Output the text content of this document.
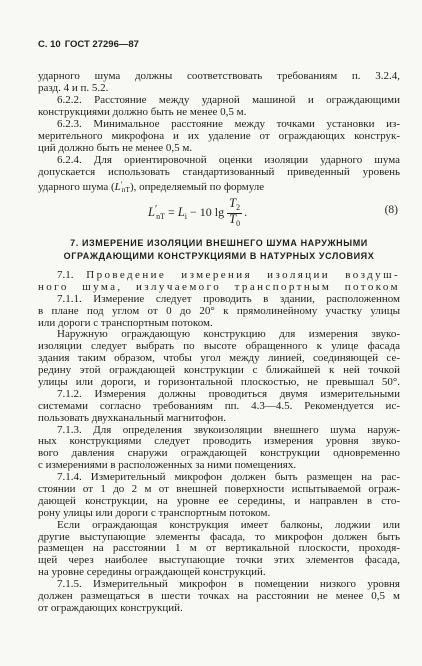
С. 10 ГОСТ 27296—87
ударного шума должны соответствовать требованиям п. 3.2.4,
разд. 4 и п. 5.2.
6.2.2. Расстояние между ударной машиной и ограждающими
конструкциями должно быть не менее 0,5 м.
6.2.3. Минимальное расстояние между точками установки из-
мерительного микрофона и их удаление от ограждающих конструк-
ций должно быть не менее 0,5 м.
6.2.4. Для ориентировочной оценки изоляции ударного шума
допускается использовать стандартизованный приведенный уровень
ударного шума (L′nT), определяемый по формуле
$L'_{nT} = L_i - 10$ $\lg \frac{T_2}{T_0}$ .	(8)
7. ИЗМЕРЕНИЕ ИЗОЛЯЦИИ ВНЕШНЕГО ШУМА НАРУЖНЫМИ
ОГРАЖДАЮЩИМИ КОНСТРУКЦИЯМИ В НАТУРНЫХ УСЛОВИЯХ
7.1. Проведение измерения изоляции воздуш-
ного шума, излучаемого транспортным потоком
7.1.1. Измерение следует проводить в здании, расположенном
в плане под углом от 0 до 20° к прямолинейному участку улицы
или дороги с транспортным потоком.
Наружную ограждающую конструкцию для измерения звуко-
изоляции следует выбрать по высоте обращенного к улице фасада
здания таким образом, чтобы угол между линией, соединяющей се-
редину этой ограждающей конструкции с ближайшей к ней точкой
улицы или дороги, и горизонтальной плоскостью, не превышал 50°.
7.1.2. Измерения должны проводиться двумя измерительными
системами согласно требованиям пп. 4.3—4.5. Рекомендуется ис-
пользовать двухканальный магнитофон.
7.1.3. Для определения звукоизоляции внешнего шума наруж-
ных конструкциями следует проводить измерения уровня звуко-
вого давления снаружи ограждающей конструкции одновременно
с измерениями в расположенных за ними помещениях.
7.1.4. Измерительный микрофон должен быть размещен на рас-
стоянии от 1 до 2 м от внешней поверхности испытываемой ограж-
дающей конструкции, на уровне ее середины, и направлен в сто-
рону улицы или дороги с транспортным потоком.
Если ограждающая конструкция имеет балконы, лоджии или
другие выступающие элементы фасада, то микрофон должен быть
размещен на расстоянии 1 м от вертикальной плоскости, проходя-
щей через наиболее выступающие точки этих элементов фасада,
на уровне середины ограждающей конструкций.
7.1.5. Измерительный микрофон в помещении низкого уровня
должен размещаться в шести точках на расстоянии не менее 0,5 м
от ограждающих конструкций.
